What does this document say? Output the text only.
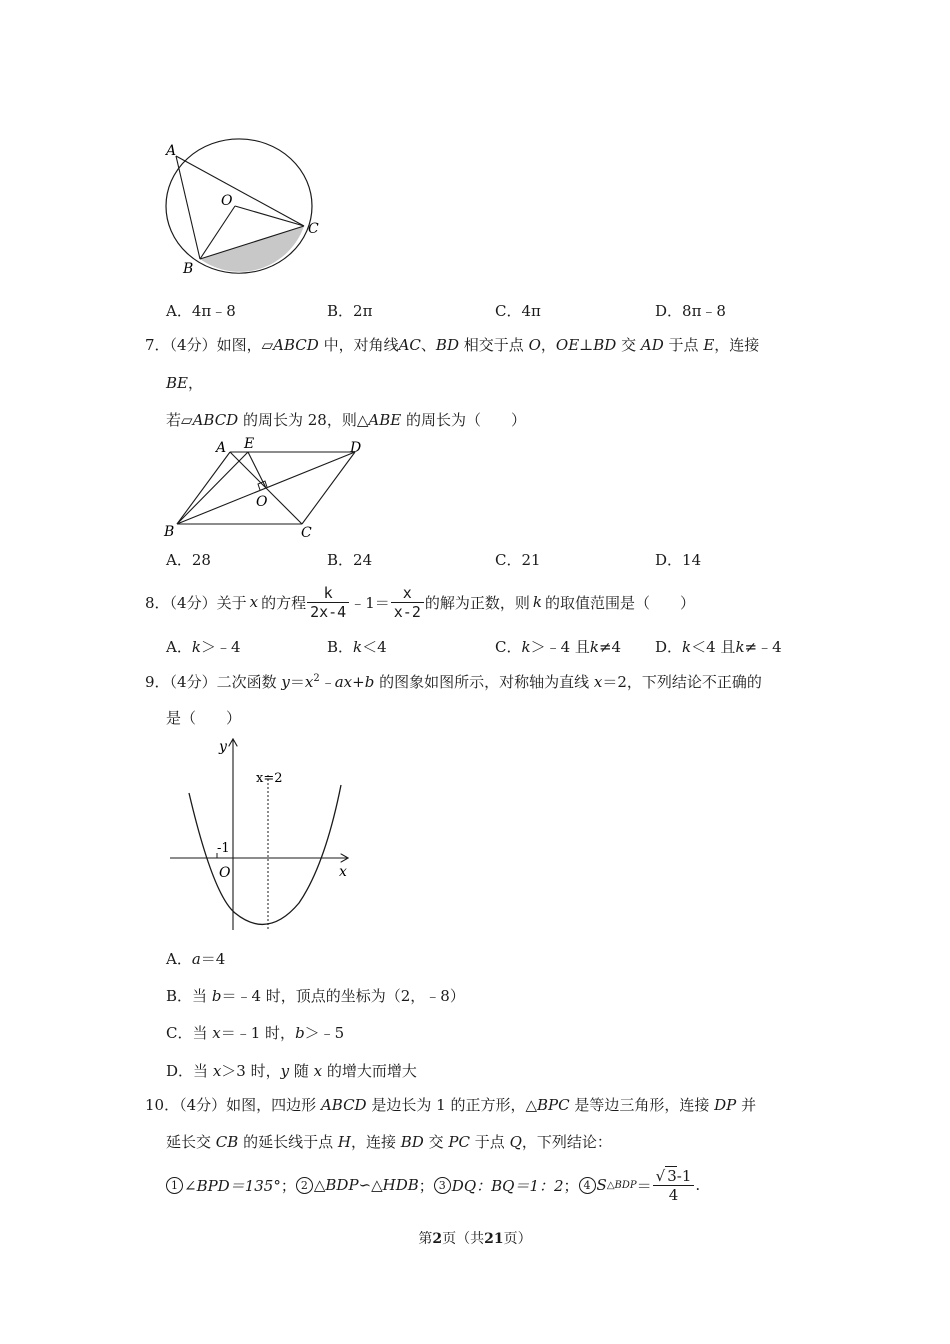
A
O
C
B
A．4π﹣8	B．2π	C．4π	D．8π﹣8
7．（4分）如图，▱ABCD 中，对角线AC、BD 相交于点 O，OE⊥BD 交 AD 于点 E，连接
BE，
若▱ABCD 的周长为 28，则△ABE 的周长为（　　）
A E	D
O
B	C
A．28	B．24	C．21	D．14
8．（4分） 关于 x 的方程 $\frac{k}{2x-4}$ ﹣1＝ $\frac{x}{x-2}$ 的解为正数，则 k 的取值范围是（　　）
A．k＞﹣4	B．k＜4	C．k＞﹣4 且k≠4 D．k＜4 且k≠﹣4
9．（4分）二次函数 $y=x^2﹣ax+b$ 的图象如图所示，对称轴为直线 x＝2，下列结论不正确的
是（　　）
y
x=2
-1
O	x
A．a＝4
B．当 b＝﹣4 时，顶点的坐标为（2，﹣8）
C．当 x＝﹣1 时，b＞﹣5
D．当 x＞3 时，y 随 x 的增大而增大
10．（4分）如图，四边形 ABCD 是边长为 1 的正方形，△BPC 是等边三角形，连接 DP 并
延长交 CB 的延长线于点 H，连接 BD 交 PC 于点 Q，下列结论：
1 ∠BPD＝135° ； 2 △BDP∽△HDB ； 3 DQ：BQ＝1：2 ； 4 S △BDP ＝ $\frac{√ 3-1}{4}$ .
第2页（共21页）
